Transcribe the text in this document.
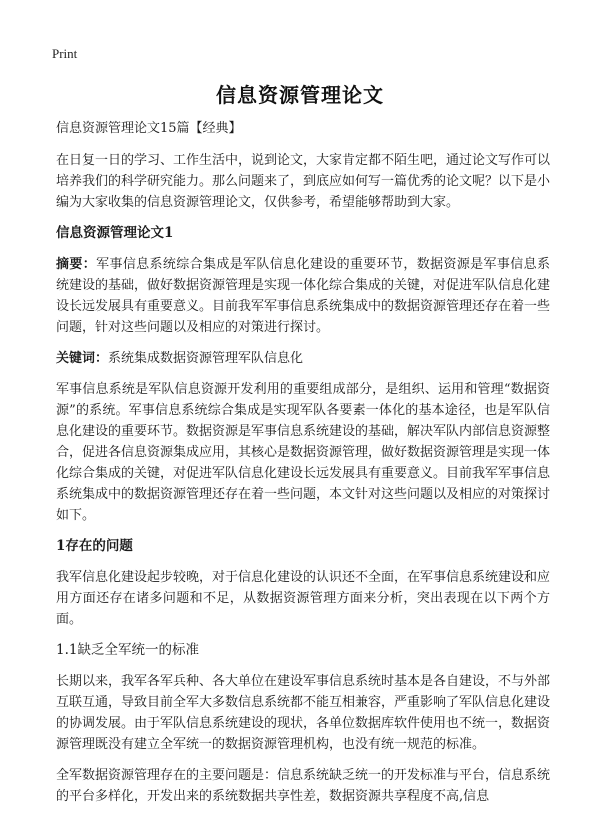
Print
信息资源管理论文

信息资源管理论文15篇【经典】

在日复一日的学习、工作生活中，说到论文，大家肯定都不陌生吧，通过论文写作可以培养我们的科学研究能力。那么问题来了，到底应如何写一篇优秀的论文呢？以下是小编为大家收集的信息资源管理论文，仅供参考，希望能够帮助到大家。

信息资源管理论文1

摘要：军事信息系统综合集成是军队信息化建设的重要环节，数据资源是军事信息系统建设的基础，做好数据资源管理是实现一体化综合集成的关键，对促进军队信息化建设长远发展具有重要意义。目前我军军事信息系统集成中的数据资源管理还存在着一些问题，针对这些问题以及相应的对策进行探讨。

关键词：系统集成数据资源管理军队信息化

军事信息系统是军队信息资源开发利用的重要组成部分，是组织、运用和管理“数据资源”的系统。军事信息系统综合集成是实现军队各要素一体化的基本途径，也是军队信息化建设的重要环节。数据资源是军事信息系统建设的基础，解决军队内部信息资源整合，促进各信息资源集成应用，其核心是数据资源管理，做好数据资源管理是实现一体化综合集成的关键，对促进军队信息化建设长远发展具有重要意义。目前我军军事信息系统集成中的数据资源管理还存在着一些问题，本文针对这些问题以及相应的对策探讨如下。

1存在的问题

我军信息化建设起步较晚，对于信息化建设的认识还不全面，在军事信息系统建设和应用方面还存在诸多问题和不足，从数据资源管理方面来分析，突出表现在以下两个方面。

1.1缺乏全军统一的标准

长期以来，我军各军兵种、各大单位在建设军事信息系统时基本是各自建设，不与外部互联互通，导致目前全军大多数信息系统都不能互相兼容，严重影响了军队信息化建设的协调发展。由于军队信息系统建设的现状，各单位数据库软件使用也不统一，数据资源管理既没有建立全军统一的数据资源管理机构，也没有统一规范的标准。

全军数据资源管理存在的主要问题是：信息系统缺乏统一的开发标准与平台，信息系统的平台多样化，开发出来的系统数据共享性差，数据资源共享程度不高,信息
